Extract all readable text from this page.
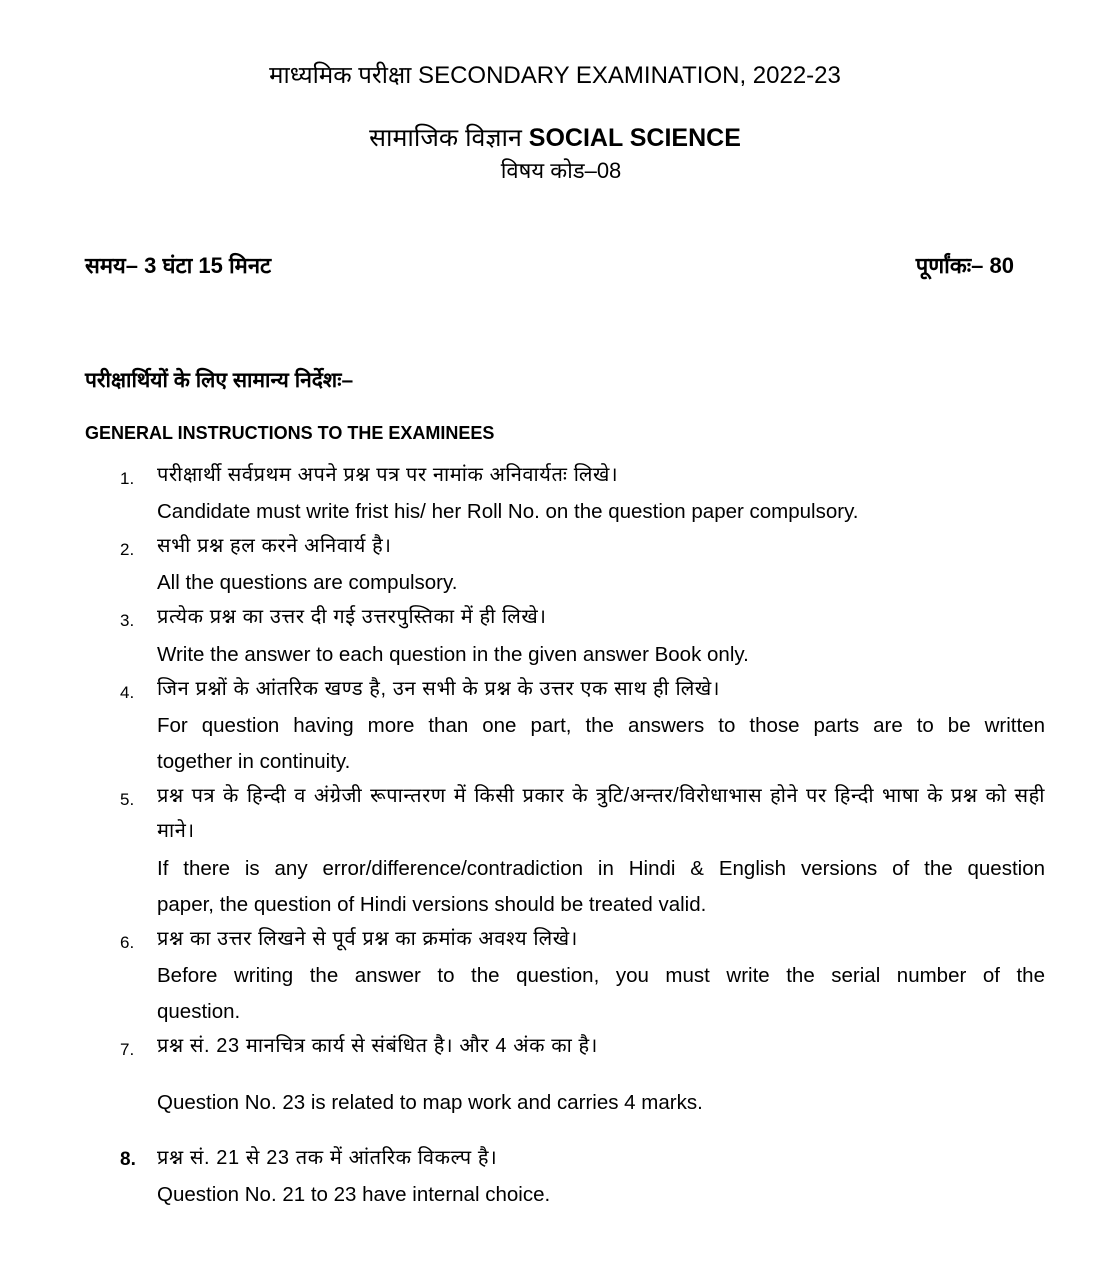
माध्यमिक परीक्षा SECONDARY EXAMINATION, 2022-23
सामाजिक विज्ञान SOCIAL SCIENCE
विषय कोड–08
समय– 3 घंटा 15 मिनट	पूर्णांकः– 80
परीक्षार्थियों के लिए सामान्य निर्देशः–
GENERAL INSTRUCTIONS TO THE EXAMINEES
1. परीक्षार्थी सर्वप्रथम अपने प्रश्न पत्र पर नामांक अनिवार्यतः लिखे।
Candidate must write frist his/ her Roll No. on the question paper compulsory.
2. सभी प्रश्न हल करने अनिवार्य है।
All the questions are compulsory.
3. प्रत्येक प्रश्न का उत्तर दी गई उत्तरपुस्तिका में ही लिखे।
Write the answer to each question in the given answer Book only.
4. जिन प्रश्नों के आंतरिक खण्ड है, उन सभी के प्रश्न के उत्तर एक साथ ही लिखे।
For question having more than one part, the answers to those parts are to be written
together in continuity.
5. प्रश्न पत्र के हिन्दी व अंग्रेजी रूपान्तरण में किसी प्रकार के त्रुटि/अन्तर/विरोधाभास होने पर हिन्दी भाषा के प्रश्न को सही माने।
If there is any error/difference/contradiction in Hindi & English versions of the question
paper, the question of Hindi versions should be treated valid.
6. प्रश्न का उत्तर लिखने से पूर्व प्रश्न का क्रमांक अवश्य लिखे।
Before writing the answer to the question, you must write the serial number of the
question.
7. प्रश्न सं. 23 मानचित्र कार्य से संबंधित है। और 4 अंक का है।
Question No. 23 is related to map work and carries 4 marks.
8. प्रश्न सं. 21 से 23 तक में आंतरिक विकल्प है।
Question No. 21 to 23 have internal choice.
